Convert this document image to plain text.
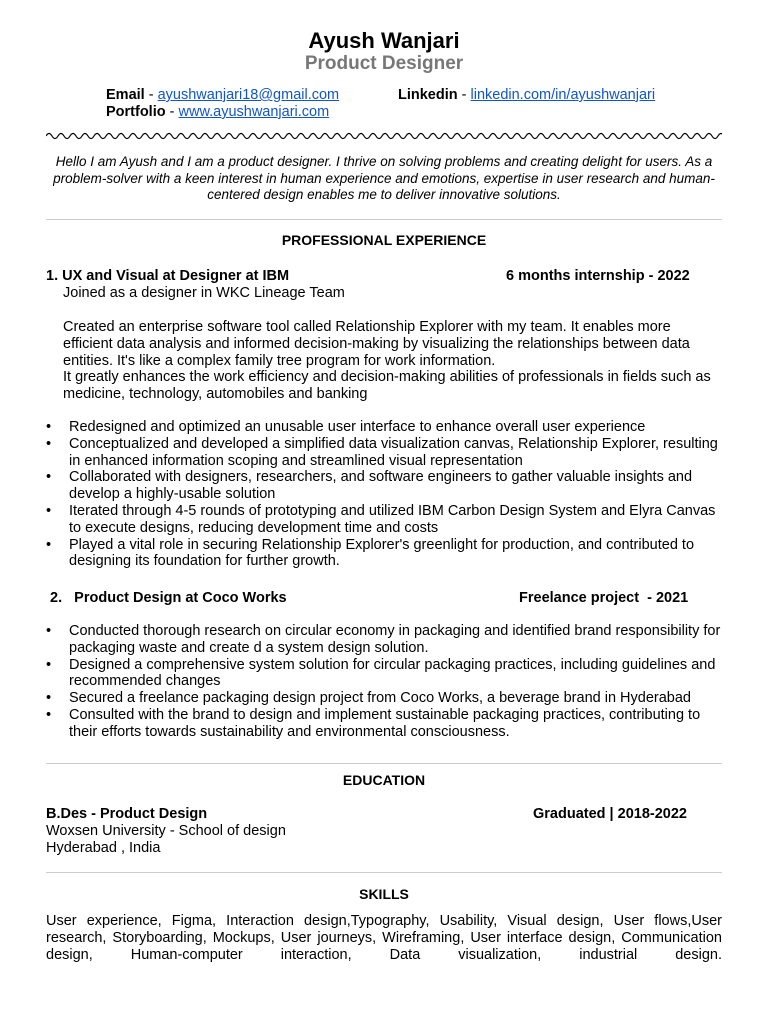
Ayush Wanjari
Product Designer
Email - ayushwanjari18@gmail.com	Linkedin - linkedin.com/in/ayushwanjari
Portfolio - www.ayushwanjari.com
Hello I am Ayush and I am a product designer. I thrive on solving problems and creating delight for users. As a problem-solver with a keen interest in human experience and emotions, expertise in user research and human-centered design enables me to deliver innovative solutions.
PROFESSIONAL EXPERIENCE
1. UX and Visual at Designer at IBM	6 months internship - 2022
Joined as a designer in WKC Lineage Team
Created an enterprise software tool called Relationship Explorer with my team. It enables more efficient data analysis and informed decision-making by visualizing the relationships between data entities. It's like a complex family tree program for work information.
It greatly enhances the work efficiency and decision-making abilities of professionals in fields such as medicine, technology, automobiles and banking
• Redesigned and optimized an unusable user interface to enhance overall user experience
• Conceptualized and developed a simplified data visualization canvas, Relationship Explorer, resulting in enhanced information scoping and streamlined visual representation
• Collaborated with designers, researchers, and software engineers to gather valuable insights and develop a highly-usable solution
• Iterated through 4-5 rounds of prototyping and utilized IBM Carbon Design System and Elyra Canvas to execute designs, reducing development time and costs
• Played a vital role in securing Relationship Explorer's greenlight for production, and contributed to designing its foundation for further growth.
2.   Product Design at Coco Works	Freelance project  - 2021
• Conducted thorough research on circular economy in packaging and identified brand responsibility for packaging waste and create d a system design solution.
• Designed a comprehensive system solution for circular packaging practices, including guidelines and recommended changes
• Secured a freelance packaging design project from Coco Works, a beverage brand in Hyderabad
• Consulted with the brand to design and implement sustainable packaging practices, contributing to their efforts towards sustainability and environmental consciousness.
EDUCATION
B.Des - Product Design	Graduated | 2018-2022
Woxsen University - School of design
Hyderabad , India
SKILLS
User experience, Figma, Interaction design,Typography, Usability, Visual design, User flows,User research, Storyboarding, Mockups, User journeys, Wireframing, User interface design, Communication design, Human-computer interaction, Data visualization, industrial design.
